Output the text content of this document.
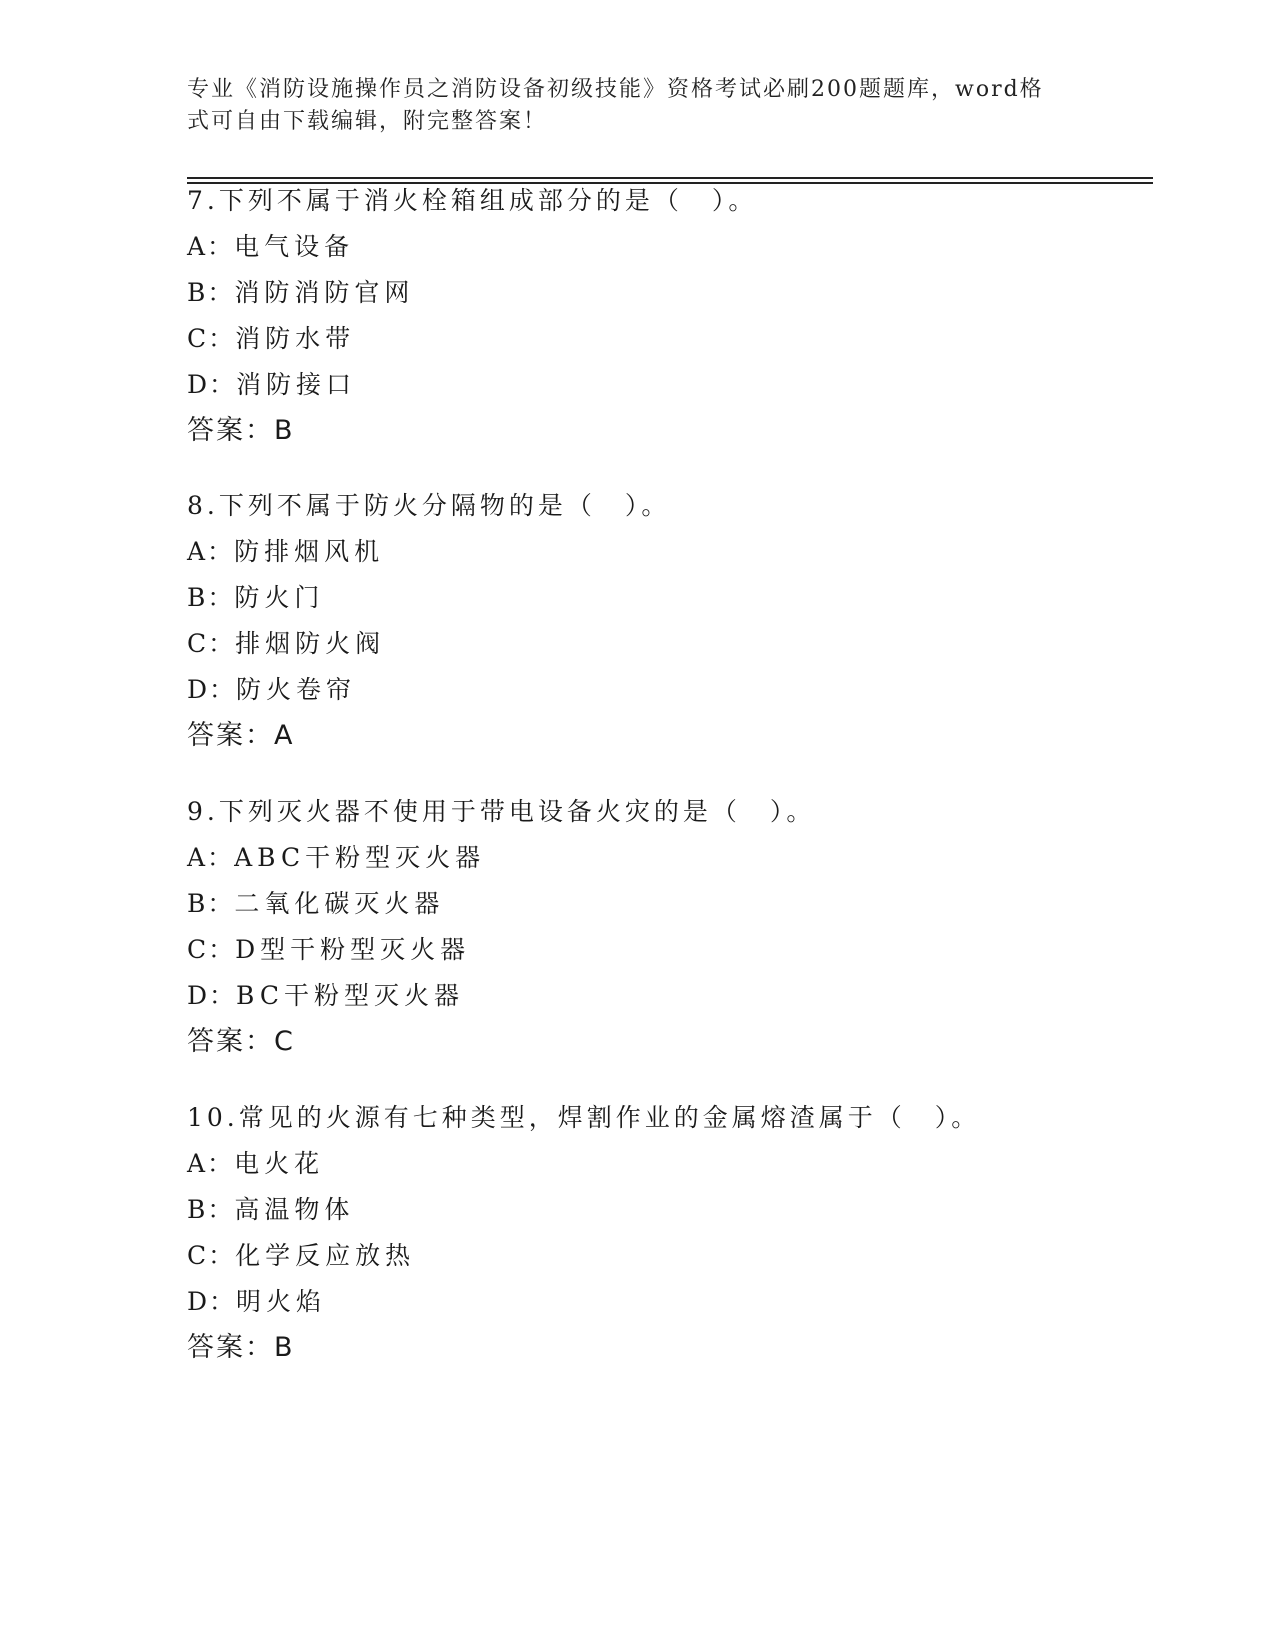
专业《消防设施操作员之消防设备初级技能》资格考试必刷200题题库，word格
式可自由下载编辑，附完整答案！
7.下列不属于消火栓箱组成部分的是（　）。
A：电气设备
B：消防消防官网
C：消防水带
D：消防接口
答案：B
8.下列不属于防火分隔物的是（　）。
A：防排烟风机
B：防火门
C：排烟防火阀
D：防火卷帘
答案：A
9.下列灭火器不使用于带电设备火灾的是（　）。
A：ABC干粉型灭火器
B：二氧化碳灭火器
C：D型干粉型灭火器
D：BC干粉型灭火器
答案：C
10.常见的火源有七种类型，焊割作业的金属熔渣属于（　）。
A：电火花
B：高温物体
C：化学反应放热
D：明火焰
答案：B
